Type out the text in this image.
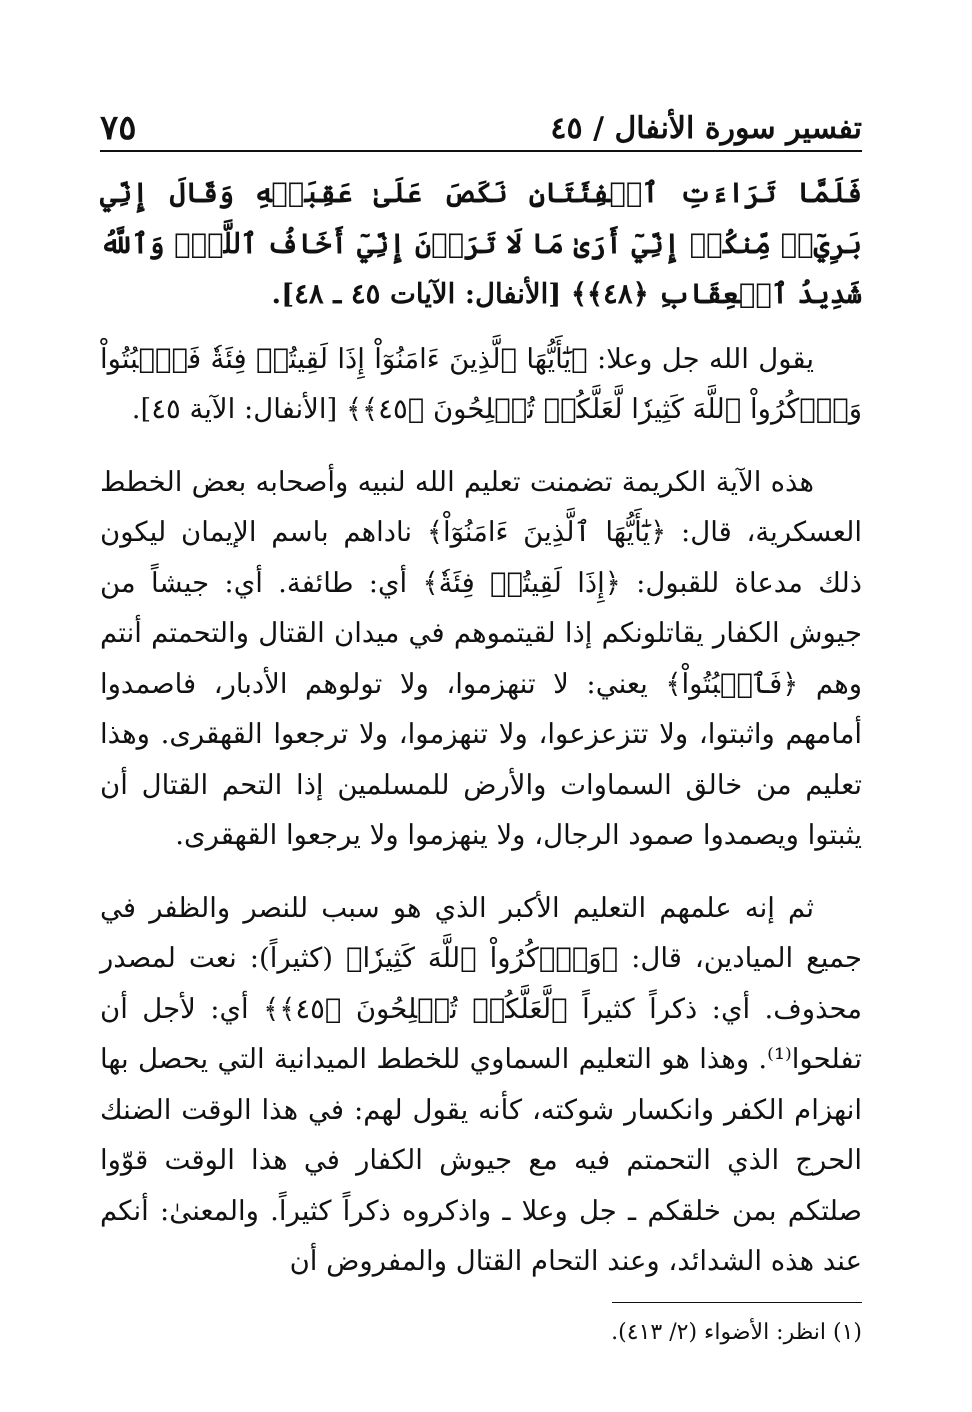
تفسير سورة الأنفال / ٤٥
٧٥

فَلَمَّا تَرَاءَتِ ٱلۡفِئَتَانِ نَكَصَ عَلَىٰ عَقِبَيۡهِ وَقَالَ إِنِّي بَرِيٓءٞ مِّنكُمۡ إِنِّيٓ أَرَىٰ مَا لَا تَرَوۡنَ إِنِّيٓ أَخَافُ ٱللَّهَۚ وَٱللَّهُ شَدِيدُ ٱلۡعِقَابِ ﴿٤٨﴾﴾ [الأنفال: الآيات ٤٥ ـ ٤٨].

يقول الله جل وعلا: ﴿يَٰٓأَيُّهَا ٱلَّذِينَ ءَامَنُوٓاْ إِذَا لَقِيتُمۡ فِئَةٗ فَٱثۡبُتُواْ وَٱذۡكُرُواْ ٱللَّهَ كَثِيرٗا لَّعَلَّكُمۡ تُفۡلِحُونَ ﴿٤٥﴾﴾ [الأنفال: الآية ٤٥].

هذه الآية الكريمة تضمنت تعليم الله لنبيه وأصحابه بعض الخطط العسكرية، قال: ﴿يَٰٓأَيُّهَا ٱلَّذِينَ ءَامَنُوٓاْ﴾ ناداهم باسم الإيمان ليكون ذلك مدعاة للقبول: ﴿إِذَا لَقِيتُمۡ فِئَةٗ﴾ أي: طائفة. أي: جيشاً من جيوش الكفار يقاتلونكم إذا لقيتموهم في ميدان القتال والتحمتم أنتم وهم ﴿فَٱثۡبُتُواْ﴾ يعني: لا تنهزموا، ولا تولوهم الأدبار، فاصمدوا أمامهم واثبتوا، ولا تتزعزعوا، ولا تنهزموا، ولا ترجعوا القهقرى. وهذا تعليم من خالق السماوات والأرض للمسلمين إذا التحم القتال أن يثبتوا ويصمدوا صمود الرجال، ولا ينهزموا ولا يرجعوا القهقرى.

ثم إنه علمهم التعليم الأكبر الذي هو سبب للنصر والظفر في جميع الميادين، قال: ﴿وَٱذۡكُرُواْ ٱللَّهَ كَثِيرٗا﴾ (كثيراً): نعت لمصدر محذوف. أي: ذكراً كثيراً ﴿لَّعَلَّكُمۡ تُفۡلِحُونَ ﴿٤٥﴾﴾ أي: لأجل أن تفلحوا⁽¹⁾. وهذا هو التعليم السماوي للخطط الميدانية التي يحصل بها انهزام الكفر وانكسار شوكته، كأنه يقول لهم: في هذا الوقت الضنك الحرج الذي التحمتم فيه مع جيوش الكفار في هذا الوقت قوّوا صلتكم بمن خلقكم ـ جل وعلا ـ واذكروه ذكراً كثيراً. والمعنىٰ: أنكم عند هذه الشدائد، وعند التحام القتال والمفروض أن

(١) انظر: الأضواء (٢/ ٤١٣).
